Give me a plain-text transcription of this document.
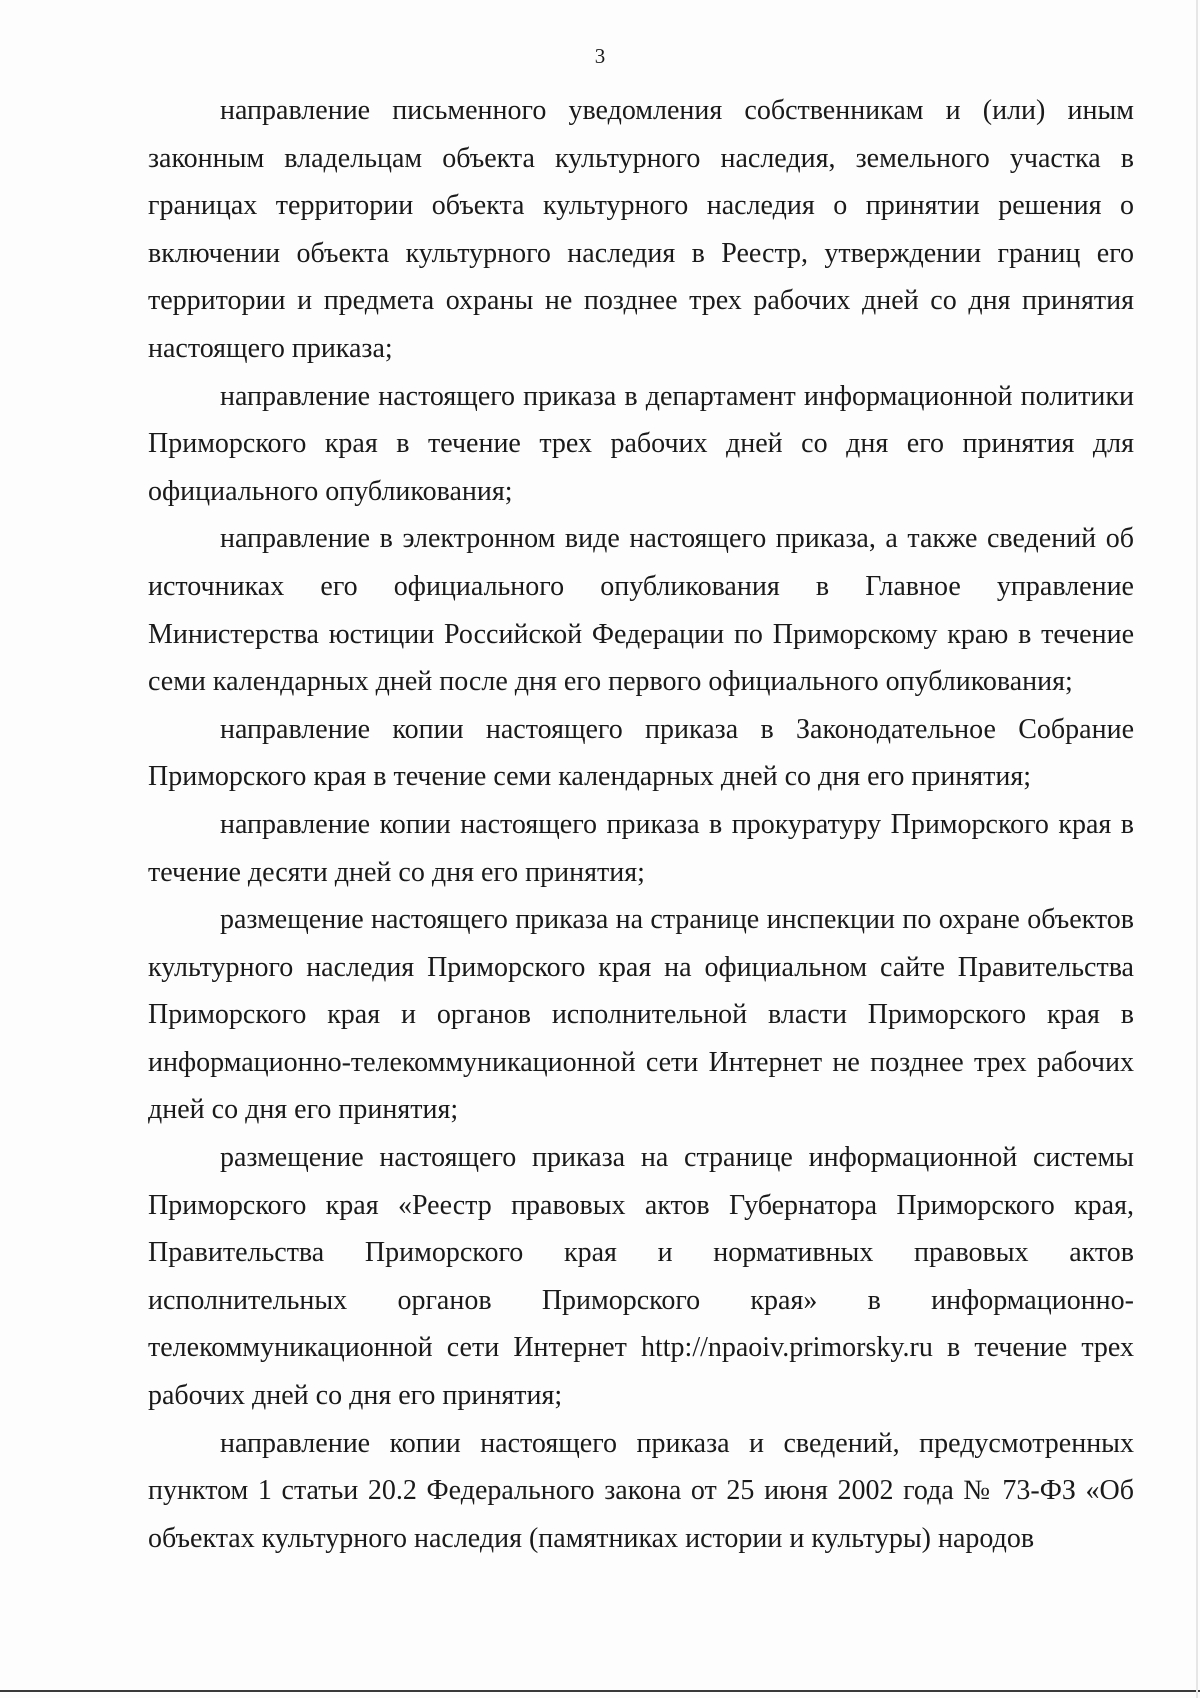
3

направление письменного уведомления собственникам и (или) иным законным владельцам объекта культурного наследия, земельного участка в границах территории объекта культурного наследия о принятии решения о включении объекта культурного наследия в Реестр, утверждении границ его территории и предмета охраны не позднее трех рабочих дней со дня принятия настоящего приказа;

направление настоящего приказа в департамент информационной политики Приморского края в течение трех рабочих дней со дня его принятия для официального опубликования;

направление в электронном виде настоящего приказа, а также сведений об источниках его официального опубликования в Главное управление Министерства юстиции Российской Федерации по Приморскому краю в течение семи календарных дней после дня его первого официального опубликования;

направление копии настоящего приказа в Законодательное Собрание Приморского края в течение семи календарных дней со дня его принятия;

направление копии настоящего приказа в прокуратуру Приморского края в течение десяти дней со дня его принятия;

размещение настоящего приказа на странице инспекции по охране объектов культурного наследия Приморского края на официальном сайте Правительства Приморского края и органов исполнительной власти Приморского края в информационно-телекоммуникационной сети Интернет не позднее трех рабочих дней со дня его принятия;

размещение настоящего приказа на странице информационной системы Приморского края «Реестр правовых актов Губернатора Приморского края, Правительства Приморского края и нормативных правовых актов исполнительных органов Приморского края» в информационно-телекоммуникационной сети Интернет http://npaoiv.primorsky.ru в течение трех рабочих дней со дня его принятия;

направление копии настоящего приказа и сведений, предусмотренных пунктом 1 статьи 20.2 Федерального закона от 25 июня 2002 года № 73-ФЗ «Об объектах культурного наследия (памятниках истории и культуры) народов
